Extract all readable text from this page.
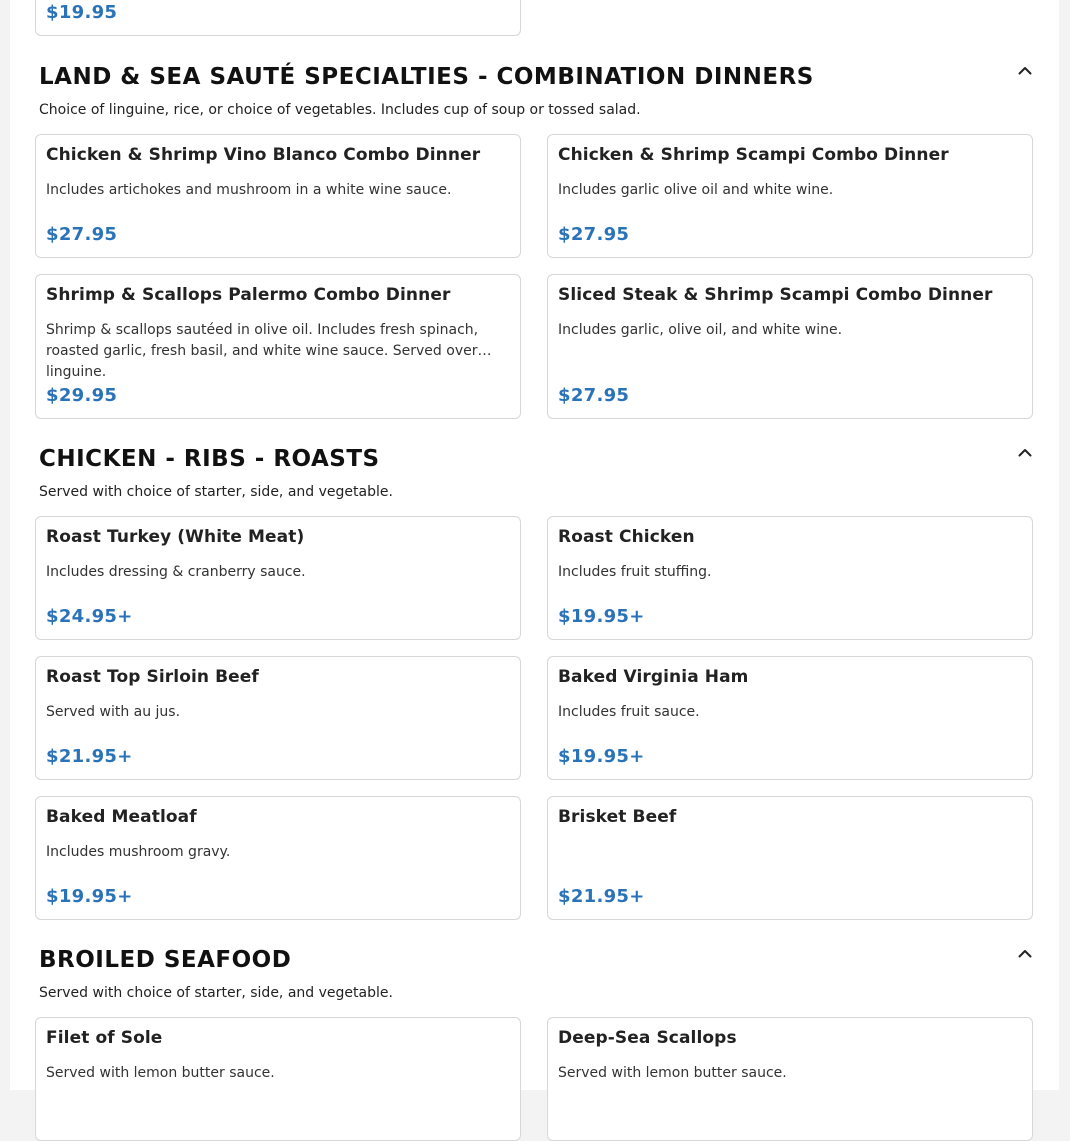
$19.95
LAND & SEA SAUTÉ SPECIALTIES - COMBINATION DINNERS
Choice of linguine, rice, or choice of vegetables. Includes cup of soup or tossed salad.
Chicken & Shrimp Vino Blanco Combo Dinner
Includes artichokes and mushroom in a white wine sauce.
$27.95
Chicken & Shrimp Scampi Combo Dinner
Includes garlic olive oil and white wine.
$27.95
Shrimp & Scallops Palermo Combo Dinner
Shrimp & scallops sautéed in olive oil. Includes fresh spinach, roasted garlic, fresh basil, and white wine sauce. Served over linguine.
$29.95
Sliced Steak & Shrimp Scampi Combo Dinner
Includes garlic, olive oil, and white wine.
$27.95
CHICKEN - RIBS - ROASTS
Served with choice of starter, side, and vegetable.
Roast Turkey (White Meat)
Includes dressing & cranberry sauce.
$24.95+
Roast Chicken
Includes fruit stuffing.
$19.95+
Roast Top Sirloin Beef
Served with au jus.
$21.95+
Baked Virginia Ham
Includes fruit sauce.
$19.95+
Baked Meatloaf
Includes mushroom gravy.
$19.95+
Brisket Beef
$21.95+
BROILED SEAFOOD
Served with choice of starter, side, and vegetable.
Filet of Sole
Served with lemon butter sauce.
Deep-Sea Scallops
Served with lemon butter sauce.
